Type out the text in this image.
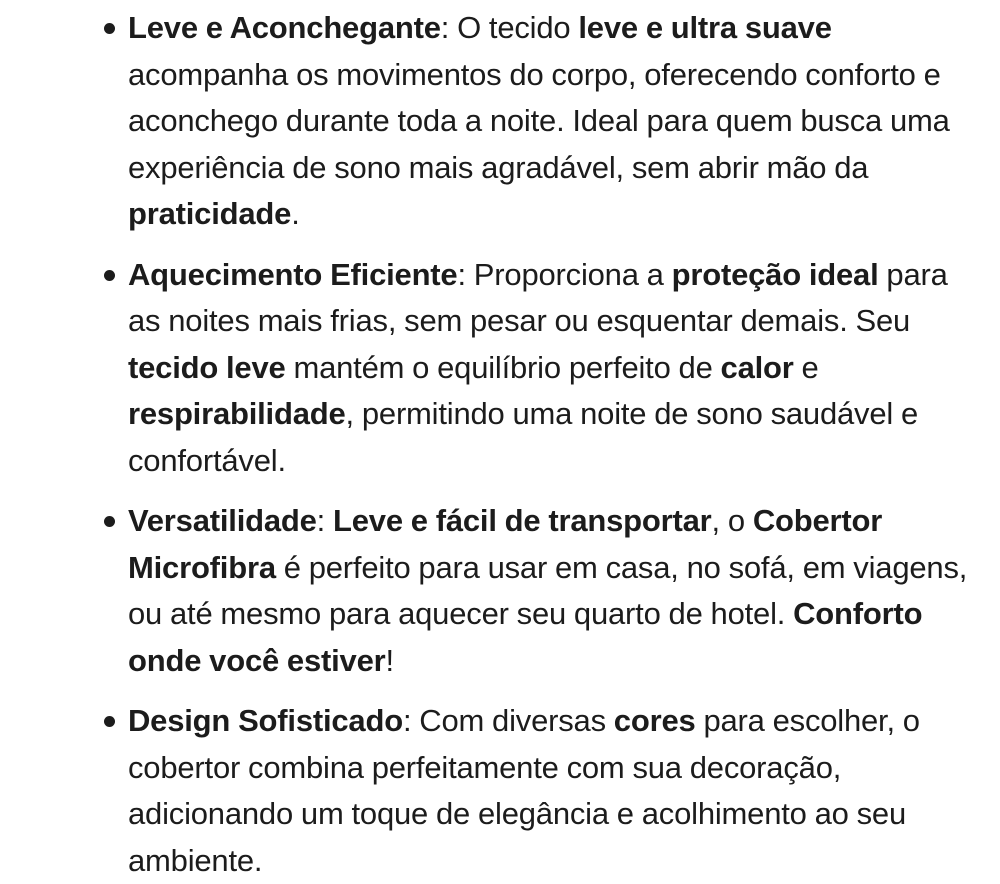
Leve e Aconchegante: O tecido leve e ultra suave acompanha os movimentos do corpo, oferecendo conforto e aconchego durante toda a noite. Ideal para quem busca uma experiência de sono mais agradável, sem abrir mão da praticidade.
Aquecimento Eficiente: Proporciona a proteção ideal para as noites mais frias, sem pesar ou esquentar demais. Seu tecido leve mantém o equilíbrio perfeito de calor e respirabilidade, permitindo uma noite de sono saudável e confortável.
Versatilidade: Leve e fácil de transportar, o Cobertor Microfibra é perfeito para usar em casa, no sofá, em viagens, ou até mesmo para aquecer seu quarto de hotel. Conforto onde você estiver!
Design Sofisticado: Com diversas cores para escolher, o cobertor combina perfeitamente com sua decoração, adicionando um toque de elegância e acolhimento ao seu ambiente.
